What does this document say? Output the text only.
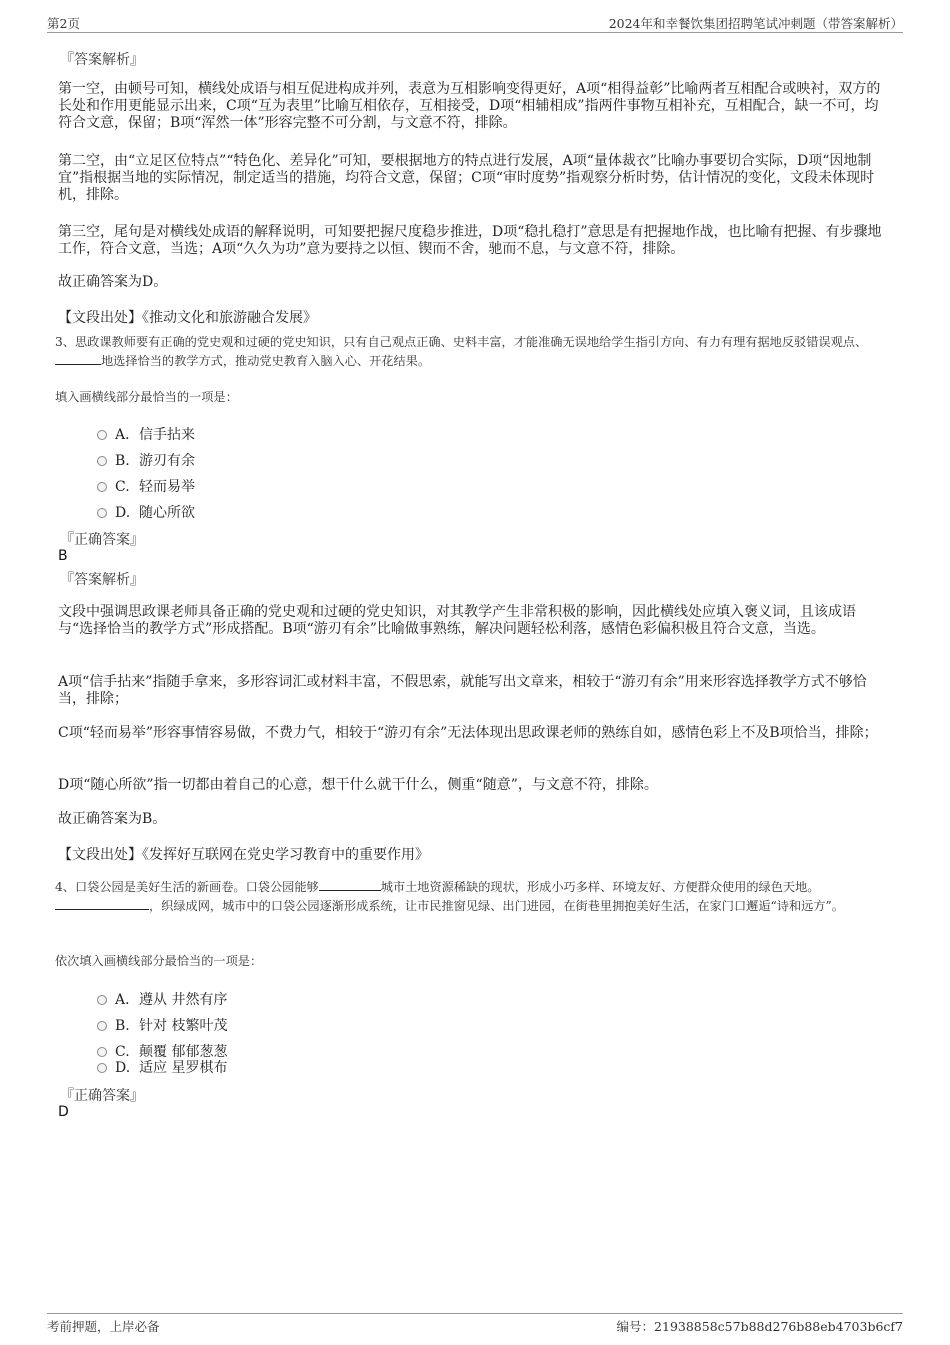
第2页	2024年和幸餐饮集团招聘笔试冲刺题（带答案解析）
『答案解析』

第一空，由顿号可知，横线处成语与相互促进构成并列，表意为互相影响变得更好，A项“相得益彰”比喻两者互相配合或映衬，双方的长处和作用更能显示出来，C项“互为表里”比喻互相依存，互相接受，D项“相辅相成”指两件事物互相补充，互相配合，缺一不可，均符合文意，保留；B项“浑然一体”形容完整不可分割，与文意不符，排除。

第二空，由“立足区位特点”“特色化、差异化”可知，要根据地方的特点进行发展，A项“量体裁衣”比喻办事要切合实际，D项“因地制宜”指根据当地的实际情况，制定适当的措施，均符合文意，保留；C项“审时度势”指观察分析时势，估计情况的变化，文段未体现时机，排除。

第三空，尾句是对横线处成语的解释说明，可知要把握尺度稳步推进，D项“稳扎稳打”意思是有把握地作战，也比喻有把握、有步骤地工作，符合文意，当选；A项“久久为功”意为要持之以恒、锲而不舍，驰而不息，与文意不符，排除。

故正确答案为D。

【文段出处】《推动文化和旅游融合发展》

3、思政课教师要有正确的党史观和过硬的党史知识，只有自己观点正确、史料丰富，才能准确无误地给学生指引方向、有力有理有据地反驳错误观点、地选择恰当的教学方式，推动党史教育入脑入心、开花结果。

填入画横线部分最恰当的一项是：
A．信手拈来
B. 游刃有余
C. 轻而易举
D. 随心所欲
『正确答案』
B
『答案解析』

文段中强调思政课老师具备正确的党史观和过硬的党史知识，对其教学产生非常积极的影响，因此横线处应填入褒义词，且该成语与“选择恰当的教学方式”形成搭配。B项“游刃有余”比喻做事熟练，解决问题轻松利落，感情色彩偏积极且符合文意，当选。

A项“信手拈来”指随手拿来，多形容词汇或材料丰富，不假思索，就能写出文章来，相较于“游刃有余”用来形容选择教学方式不够恰当，排除；

C项“轻而易举”形容事情容易做，不费力气，相较于“游刃有余”无法体现出思政课老师的熟练自如，感情色彩上不及B项恰当，排除；

D项“随心所欲”指一切都由着自己的心意，想干什么就干什么，侧重“随意”，与文意不符，排除。

故正确答案为B。

【文段出处】《发挥好互联网在党史学习教育中的重要作用》

4、口袋公园是美好生活的新画卷。口袋公园能够	城市土地资源稀缺的现状，形成小巧多样、环境友好、方便群众使用的绿色天地。
，织绿成网，城市中的口袋公园逐渐形成系统，让市民推窗见绿、出门进园，在街巷里拥抱美好生活，在家门口邂逅“诗和远方”。

依次填入画横线部分最恰当的一项是：
A．遵从 井然有序
B. 针对 枝繁叶茂
C. 颠覆 郁郁葱葱
D. 适应 星罗棋布
『正确答案』
D
考前押题，上岸必备	编号：21938858c57b88d276b88eb4703b6cf7
